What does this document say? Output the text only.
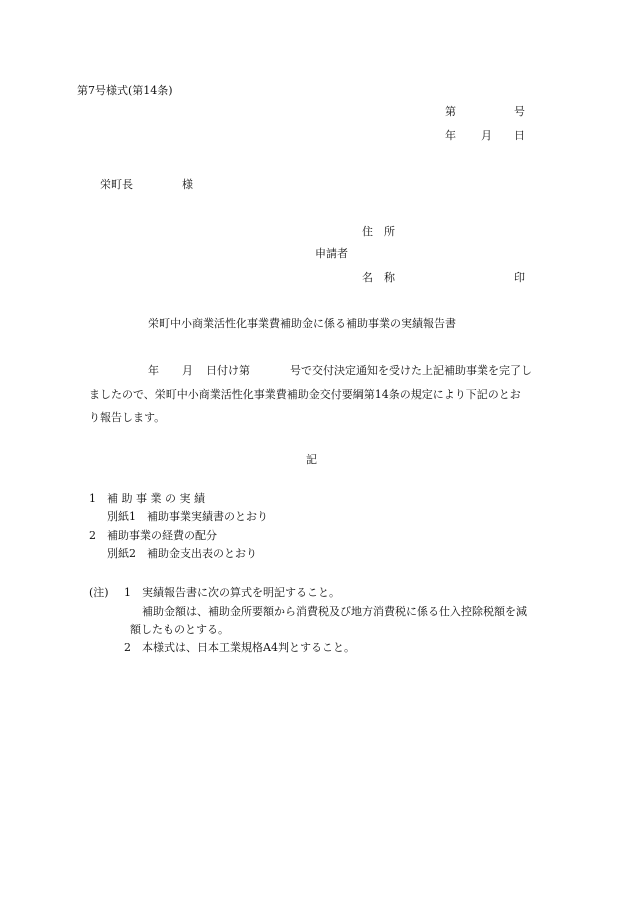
第7号様式(第14条)
第	号
年 月 日
栄町長	様
住　所
申請者
名　称	印
栄町中小商業活性化事業費補助金に係る補助事業の実績報告書
年 月 日付け第	号で交付決定通知を受けた上記補助事業を完了し
ましたので、栄町中小商業活性化事業費補助金交付要綱第14条の規定により下記のとお
り報告します。
記
1　補 助 事 業 の 実 績
別紙1　補助事業実績書のとおり
2　補助事業の経費の配分
別紙2　補助金支出表のとおり
(注) 1 実績報告書に次の算式を明記すること。
補助金額は、補助金所要額から消費税及び地方消費税に係る仕入控除税額を減
額したものとする。
2 本様式は、日本工業規格A4判とすること。
